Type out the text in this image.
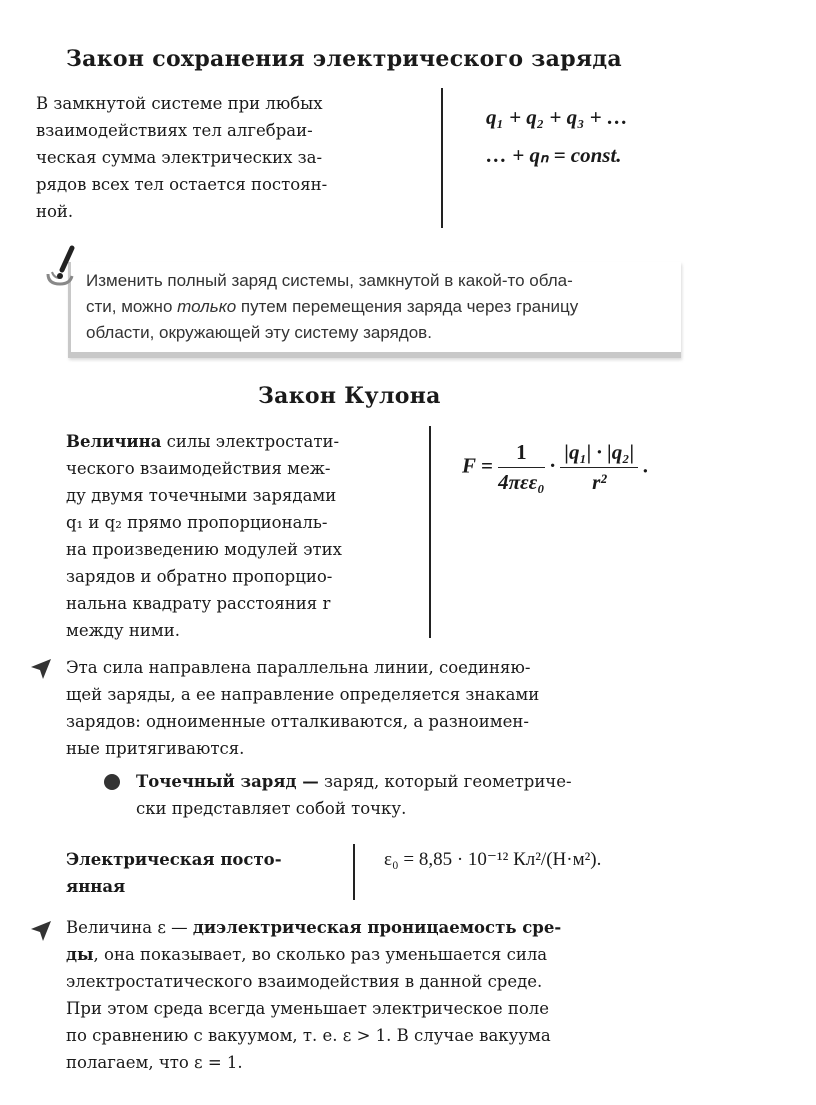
Закон сохранения электрического заряда
В замкнутой системе при любых
взаимодействиях тел алгебраи-
ческая сумма электрических за-
рядов всех тел остается постоян-
ной.
q₁ + q₂ + q₃ + …
… + qₙ = const.
Изменить полный заряд системы, замкнутой в какой-то обла-
сти, можно только путем перемещения заряда через границу
области, окружающей эту систему зарядов.
Закон Кулона
Величина силы электростати-
ческого взаимодействия меж-
ду двумя точечными зарядами
q₁ и q₂ прямо пропорциональ-
на произведению модулей этих
зарядов и обратно пропорцио-
нальна квадрату расстояния r
между ними.
$F = \frac{1}{\text{4πεε₀}} \cdot \frac{\text{|q₁| · |q₂|}}{\text{r²}}$ .
Эта сила направлена параллельна линии, соединяю-
щей заряды, а ее направление определяется знаками
зарядов: одноименные отталкиваются, а разноимен-
ные притягиваются.
Точечный заряд — заряд, который геометриче-
ски представляет собой точку.
Электрическая посто-
янная
ε₀ = 8,85 · 10⁻¹² Кл²/(Н·м²).
Величина ε — диэлектрическая проницаемость сре-
ды, она показывает, во сколько раз уменьшается сила
электростатического взаимодействия в данной среде.
При этом среда всегда уменьшает электрическое поле
по сравнению с вакуумом, т. е. ε > 1. В случае вакуума
полагаем, что ε = 1.
